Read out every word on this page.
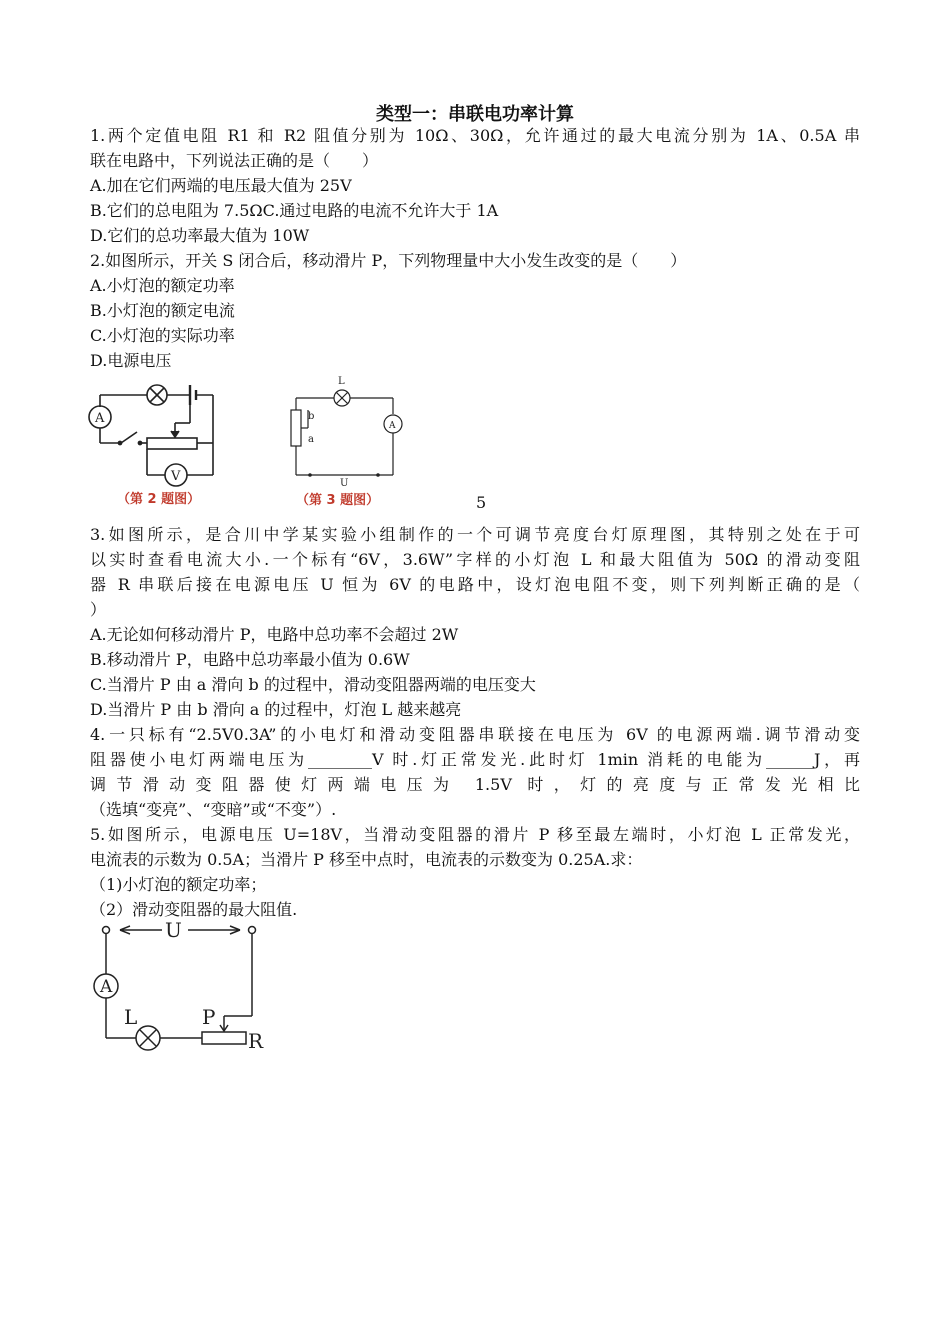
类型一：串联电功率计算
1.两个定值电阻 R1 和 R2 阻值分别为 10Ω、30Ω，允许通过的最大电流分别为 1A、0.5A 串
联在电路中，下列说法正确的是（　　）
A.加在它们两端的电压最大值为 25V
B.它们的总电阻为 7.5ΩC.通过电路的电流不允许大于 1A
D.它们的总功率最大值为 10W
2.如图所示，开关 S 闭合后，移动滑片 P，下列物理量中大小发生改变的是（　　）
A.小灯泡的额定功率
B.小灯泡的额定电流
C.小灯泡的实际功率
D.电源电压
A
V
（第 2 题图）
L
b
a
A
U
（第 3 题图）	5
3.如图所示，是合川中学某实验小组制作的一个可调节亮度台灯原理图，其特别之处在于可
以实时查看电流大小.一个标有“6V，3.6W”字样的小灯泡 L 和最大阻值为 50Ω 的滑动变阻
器 R 串联后接在电源电压 U 恒为 6V 的电路中，设灯泡电阻不变，则下列判断正确的是（
）
A.无论如何移动滑片 P，电路中总功率不会超过 2W
B.移动滑片 P，电路中总功率最小值为 0.6W
C.当滑片 P 由 a 滑向 b 的过程中，滑动变阻器两端的电压变大
D.当滑片 P 由 b 滑向 a 的过程中，灯泡 L 越来越亮
4.一只标有“2.5V0.3A”的小电灯和滑动变阻器串联接在电压为 6V 的电源两端.调节滑动变
阻器使小电灯两端电压为________V 时.灯正常发光.此时灯 1min 消耗的电能为______J，再
调节滑动变阻器使灯两端电压为 1.5V 时，灯的亮度与正常发光相比
（选填“变亮”、“变暗”或“不变”）.
5.如图所示，电源电压 U=18V，当滑动变阻器的滑片 P 移至最左端时，小灯泡 L 正常发光，
电流表的示数为 0.5A；当滑片 P 移至中点时，电流表的示数变为 0.25A.求：
（1)小灯泡的额定功率；
（2）滑动变阻器的最大阻值.
U
A
L	P
R
